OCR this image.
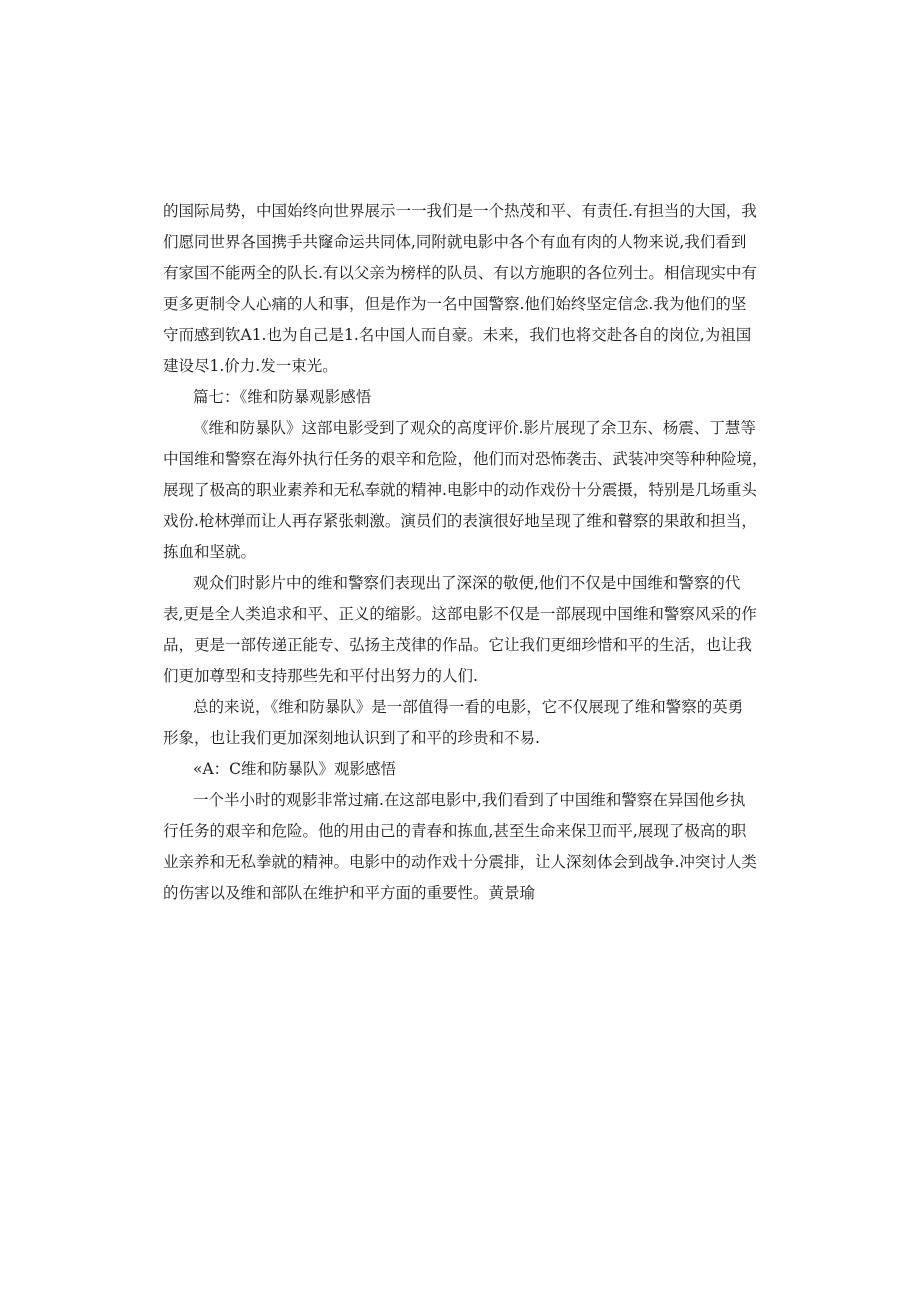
的国际局势，中国始终向世界展示一一我们是一个热茂和平、有责任.有担当的大国，我
们愿同世界各国携手共窿命运共同体,同附就电影中各个有血有肉的人物来说,我们看到
有家国不能两全的队长.有以父亲为榜样的队员、有以方施职的各位列士。相信现实中有
更多更制令人心痛的人和事，但是作为一名中国警察.他们始终坚定信念.我为他们的坚
守而感到钦A1.也为自己是1.名中国人而自豪。未来，我们也将交赴各自的岗位,为祖国
建设尽1.价力.发一束光。
篇七：《维和防暴观影感悟
《维和防暴队》这部电影受到了观众的高度评价.影片展现了余卫东、杨震、丁慧等
中国维和警察在海外执行任务的艰辛和危险，他们而对恐怖袭击、武装冲突等种种险境，
展现了极高的职业素养和无私奉就的精神.电影中的动作戏份十分震摄，特别是几场重头
戏份.枪林弹而让人再存紧张刺激。演员们的表演很好地呈现了维和瞽察的果敢和担当，
拣血和坚就。
观众们时影片中的维和警察们表现出了深深的敬便,他们不仅是中国维和警察的代
表,更是全人类追求和平、正义的缩影。这部电影不仅是一部展现中国维和警察风采的作
品，更是一部传递正能专、弘扬主茂律的作品。它让我们更细珍惜和平的生活，也让我
们更加尊型和支持那些先和平付出努力的人们.
总的来说，《维和防暴队》是一部值得一看的电影，它不仅展现了维和警察的英勇
形象，也让我们更加深刻地认识到了和平的珍贵和不易.
«A：C维和防暴队》观影感悟
一个半小时的观影非常过痛.在这部电影中,我们看到了中国维和警察在异国他乡执
行任务的艰辛和危险。他的用由己的青春和拣血,甚至生命来保卫而平,展现了极高的职
业亲养和无私拳就的精神。电影中的动作戏十分震排，让人深刻体会到战争.冲突讨人类
的伤害以及维和部队在维护和平方面的重要性。黄景瑜
